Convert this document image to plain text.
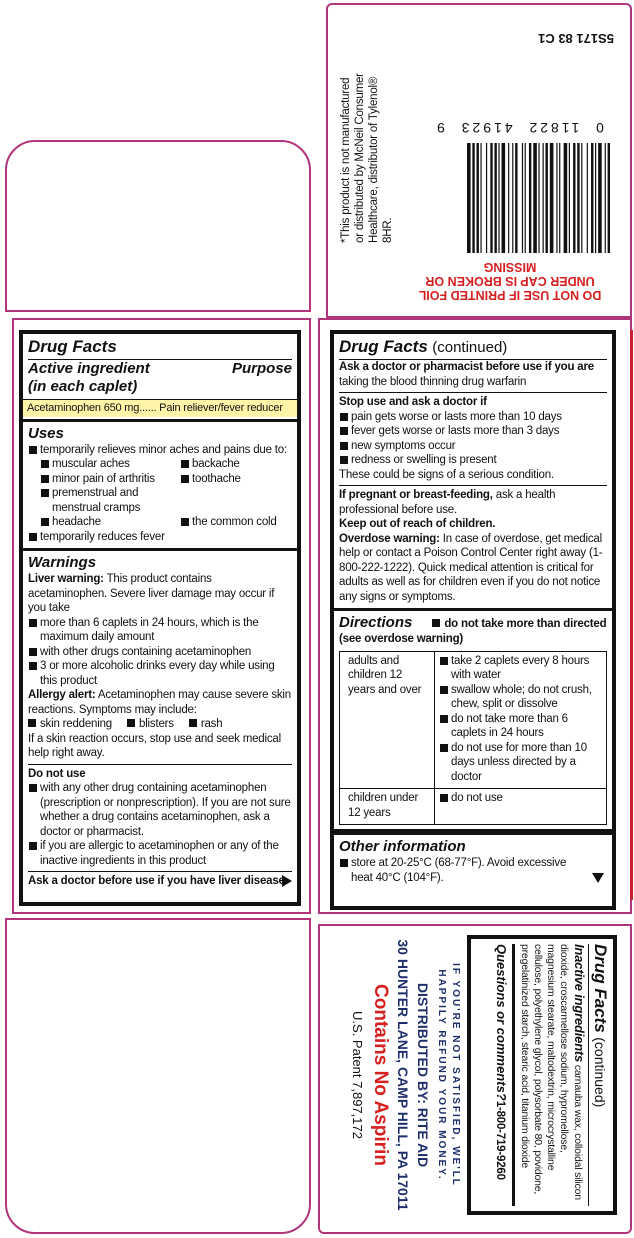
5S171 83 C1
DO NOT USE IF PRINTED FOIL UNDER CAP IS BROKEN OR MISSING
0  11822  41923  9
*This product is not manufactured or distributed by McNeil Consumer Healthcare, distributor of Tylenol® 8HR.
Drug Facts
Active ingredient
(in each caplet)
Purpose
Acetaminophen 650 mg...... Pain reliever/fever reducer
Uses
temporarily relieves minor aches and pains due to:
muscular aches	backache
minor pain of arthritis	toothache
premenstrual and menstrual cramps
headache	the common cold
temporarily reduces fever
Warnings
Liver warning: This product contains acetaminophen. Severe liver damage may occur if you take
more than 6 caplets in 24 hours, which is the maximum daily amount
with other drugs containing acetaminophen
3 or more alcoholic drinks every day while using this product
Allergy alert: Acetaminophen may cause severe skin reactions. Symptoms may include:
skin reddening blisters rash
If a skin reaction occurs, stop use and seek medical help right away.
Do not use
with any other drug containing acetaminophen (prescription or nonprescription). If you are not sure whether a drug contains acetaminophen, ask a doctor or pharmacist.
if you are allergic to acetaminophen or any of the inactive ingredients in this product
Ask a doctor before use if you have liver disease
Drug Facts (continued)
Ask a doctor or pharmacist before use if you are
taking the blood thinning drug warfarin
Stop use and ask a doctor if
pain gets worse or lasts more than 10 days
fever gets worse or lasts more than 3 days
new symptoms occur
redness or swelling is present
These could be signs of a serious condition.
If pregnant or breast-feeding, ask a health professional before use.
Keep out of reach of children.
Overdose warning: In case of overdose, get medical help or contact a Poison Control Center right away (1-800-222-1222). Quick medical attention is critical for adults as well as for children even if you do not notice any signs or symptoms.
Directions	do not take more than directed
(see overdose warning)
adults and children 12 years and over	take 2 caplets every 8 hours with water
swallow whole; do not crush, chew, split or dissolve
do not take more than 6 caplets in 24 hours
do not use for more than 10 days unless directed by a doctor

children under 12 years	do not use
Other information
store at 20-25°C (68-77°F). Avoid excessive heat 40°C (104°F).
Drug Facts (continued)
Inactive ingredients carnauba wax, colloidal silicon dioxide, croscarmellose sodium, hypromellose, magnesium stearate, maltodextrin, microcrystalline cellulose, polyethylene glycol, polysorbate 80, povidone, pregelatinized starch, stearic acid, titanium dioxide
Questions or comments?1-800-719-9260
IF YOU'RE NOT SATISFIED, WE'LL
HAPPILY REFUND YOUR MONEY.
DISTRIBUTED BY: RITE AID
30 HUNTER LANE, CAMP HILL, PA 17011
Contains No Aspirin
U.S. Patent 7,897,172
